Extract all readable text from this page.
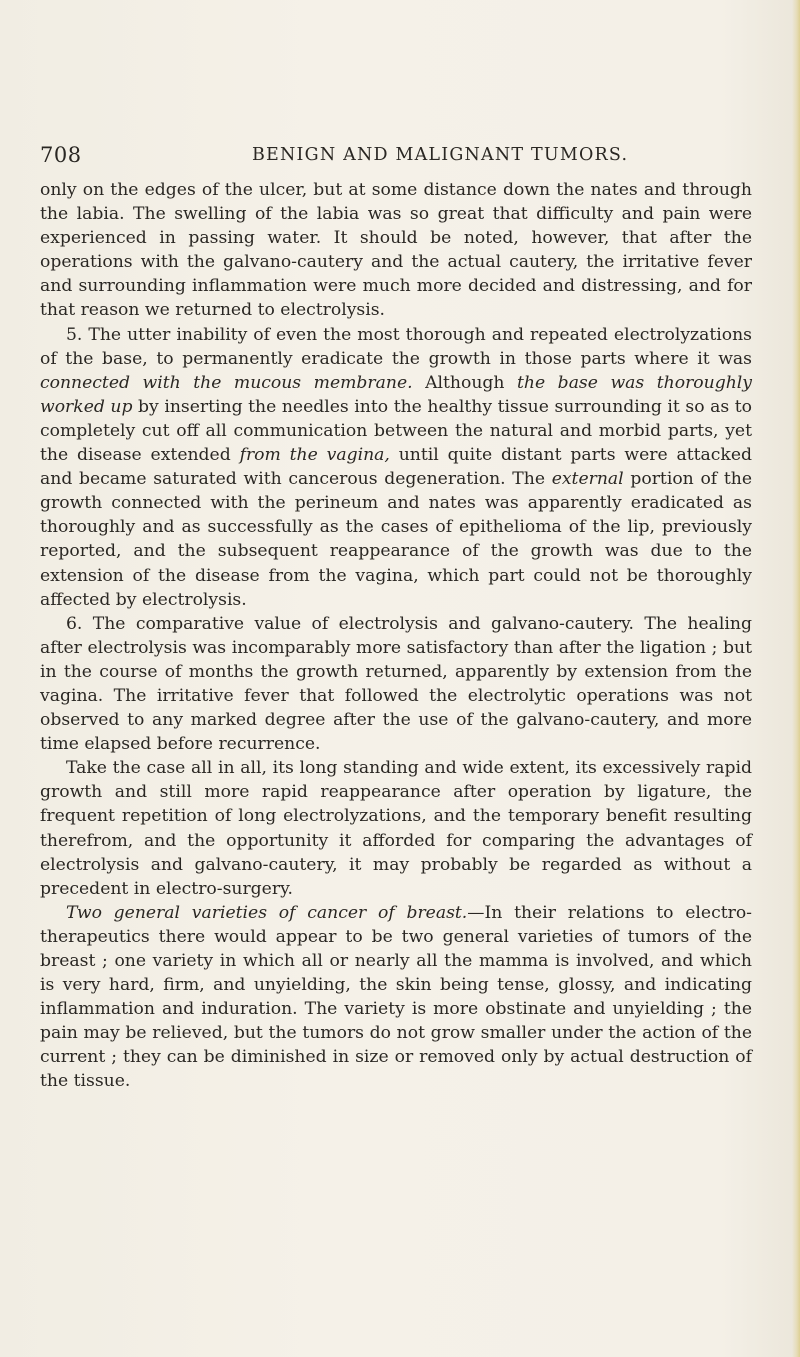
708	BENIGN AND MALIGNANT TUMORS.

only on the edges of the ulcer, but at some distance down the nates and through the labia. The swelling of the labia was so great that difficulty and pain were experienced in passing water. It should be noted, however, that after the operations with the galvano-cautery and the actual cautery, the irritative fever and surrounding inflammation were much more decided and distressing, and for that reason we returned to electrolysis.

5. The utter inability of even the most thorough and repeated electrolyzations of the base, to permanently eradicate the growth in those parts where it was connected with the mucous membrane. Although the base was thoroughly worked up by inserting the needles into the healthy tissue surrounding it so as to completely cut off all communication between the natural and morbid parts, yet the disease extended from the vagina, until quite distant parts were attacked and became saturated with cancerous degeneration. The external portion of the growth connected with the perineum and nates was apparently eradicated as thoroughly and as successfully as the cases of epithelioma of the lip, previously reported, and the subsequent reappearance of the growth was due to the extension of the disease from the vagina, which part could not be thoroughly affected by electrolysis.

6. The comparative value of electrolysis and galvano-cautery. The healing after electrolysis was incomparably more satisfactory than after the ligation ; but in the course of months the growth returned, apparently by extension from the vagina. The irritative fever that followed the electrolytic operations was not observed to any marked degree after the use of the galvano-cautery, and more time elapsed before recurrence.

Take the case all in all, its long standing and wide extent, its excessively rapid growth and still more rapid reappearance after operation by ligature, the frequent repetition of long electrolyzations, and the temporary benefit resulting therefrom, and the opportunity it afforded for comparing the advantages of electrolysis and galvano-cautery, it may probably be regarded as without a precedent in electro-surgery.

Two general varieties of cancer of breast.—In their relations to electro-therapeutics there would appear to be two general varieties of tumors of the breast ; one variety in which all or nearly all the mamma is involved, and which is very hard, firm, and unyielding, the skin being tense, glossy, and indicating inflammation and induration. The variety is more obstinate and unyielding ; the pain may be relieved, but the tumors do not grow smaller under the action of the current ; they can be diminished in size or removed only by actual destruction of the tissue.
